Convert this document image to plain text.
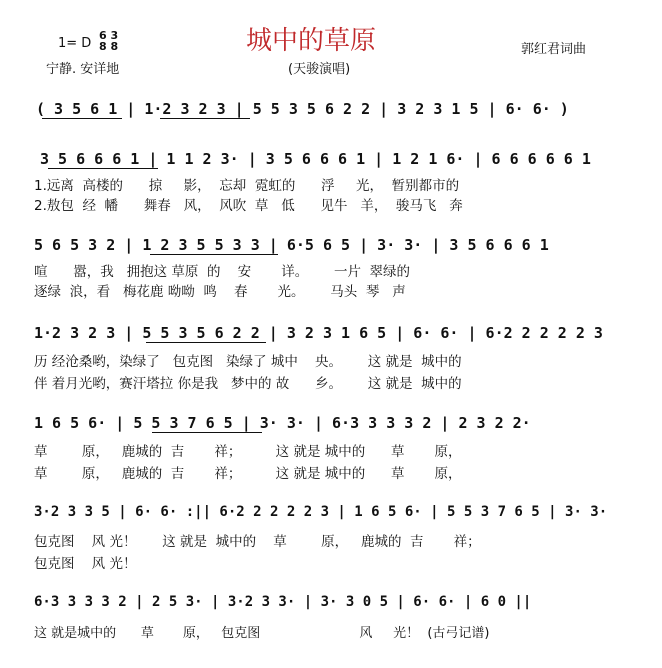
1= D
6 3
8 8	城中的草原	郭红君词曲
宁静. 安详地	(天骏演唱)
( 3 5 6 1 | 1·2 3 2 3 | 5 5 3 5 6 2 2 | 3 2 3 1 5 | 6· 6· )
3 5 6 6 6 1 | 1 1 2 3· | 3 5 6 6 6 1 | 1 2 1 6· | 6 6 6 6 6 1
1.远离  高楼的      掠     影，  忘却  霓虹的      浮     光，  暂别都市的
2.敖包  经  幡      舞春   风，  风吹  草   低      见牛   羊，  骏马飞   奔
5 6 5 3 2 | 1 2 3 5 5 3 3 | 6·5 6 5 | 3· 3· | 3 5 6 6 6 1
喧      嚣，我   拥抱这 草原  的    安       详。      一片  翠绿的
逐绿  浪，看   梅花鹿 呦呦  鸣    春       光。      马头  琴   声
1·2 3 2 3 | 5 5 3 5 6 2 2 | 3 2 3 1 6 5 | 6· 6· | 6·2 2 2 2 2 3
历 经沧桑哟，染绿了   包克图   染绿了 城中    央。      这 就是  城中的
伴 着月光哟，赛汗塔拉 你是我   梦中的 故      乡。      这 就是  城中的
1 6 5 6· | 5 5 3 7 6 5 | 3· 3· | 6·3 3 3 3 2 | 2 3 2 2·
草        原，   鹿城的  吉       祥；        这 就是 城中的      草       原，
草        原，   鹿城的  吉       祥；        这 就是 城中的      草       原，
3·2 3 3 5 | 6· 6· :|| 6·2 2 2 2 2 3 | 1 6 5 6· | 5 5 3 7 6 5 | 3· 3·
包克图    风 光！      这 就是  城中的    草        原，   鹿城的  吉       祥；
包克图    风 光！
6·3 3 3 3 2 | 2 5 3· | 3·2 3 3· | 3· 3 0 5 | 6· 6· | 6 0 ||
这 就是城中的      草       原，   包克图                        风     光！  (古弓记谱)
